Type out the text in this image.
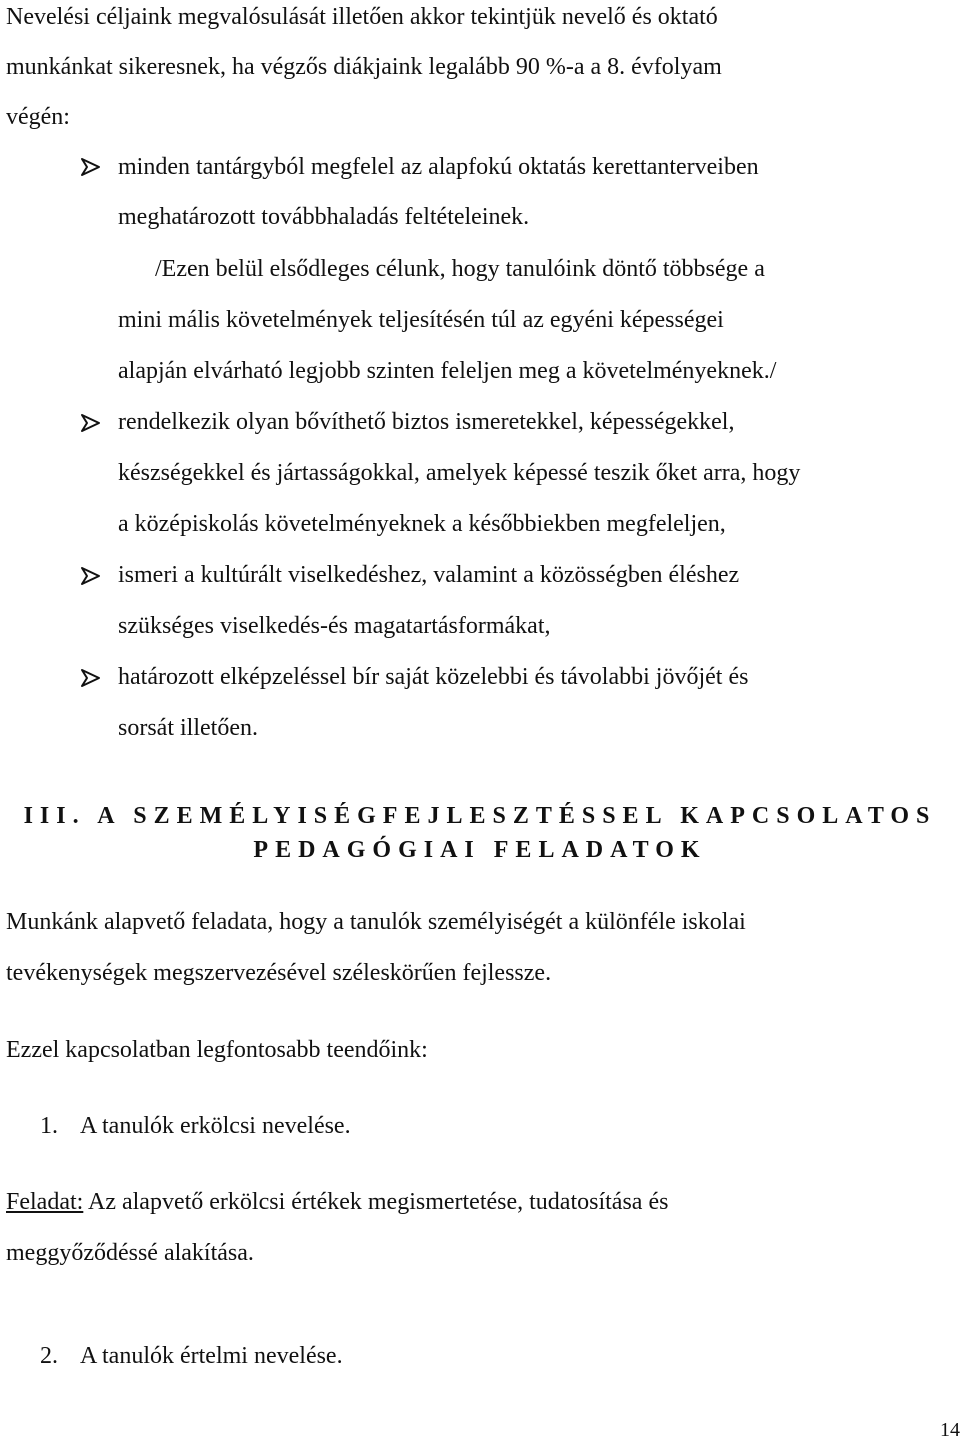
Nevelési céljaink megvalósulását illetően akkor tekintjük nevelő és oktató
munkánkat sikeresnek, ha végzős diákjaink legalább 90 %-a a 8. évfolyam
végén:
minden tantárgyból megfelel az alapfokú oktatás kerettanterveiben
meghatározott továbbhaladás feltételeinek.
/Ezen belül elsődleges célunk, hogy tanulóink döntő többsége a
mini mális követelmények teljesítésén túl az egyéni képességei
alapján elvárható legjobb szinten feleljen meg a követelményeknek./
rendelkezik olyan bővíthető biztos ismeretekkel, képességekkel,
készségekkel és jártasságokkal, amelyek képessé teszik őket arra, hogy
a középiskolás követelményeknek a későbbiekben megfeleljen,
ismeri a kultúrált viselkedéshez, valamint a közösségben éléshez
szükséges viselkedés-és magatartásformákat,
határozott elképzeléssel bír saját közelebbi és távolabbi jövőjét és
sorsát illetően.
III. A SZEMÉLYISÉGFEJLESZTÉSSEL KAPCSOLATOS
PEDAGÓGIAI FELADATOK
Munkánk alapvető feladata, hogy a tanulók személyiségét a különféle iskolai
tevékenységek megszervezésével széleskörűen fejlessze.
Ezzel kapcsolatban legfontosabb teendőink:
1. A tanulók erkölcsi nevelése.
Feladat: Az alapvető erkölcsi értékek megismertetése, tudatosítása és
meggyőződéssé alakítása.
2. A tanulók értelmi nevelése.
14
